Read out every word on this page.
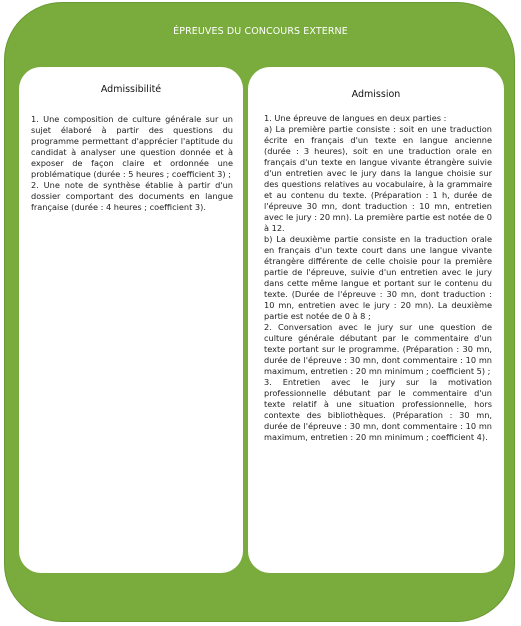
ÉPREUVES DU CONCOURS EXTERNE
Admissibilité

1. Une composition de culture générale sur un sujet élaboré à partir des questions du programme permettant d'apprécier l'aptitude du candidat à analyser une question donnée et à exposer de façon claire et ordonnée une problématique (durée : 5 heures ; coefficient 3) ;

2. Une note de synthèse établie à partir d'un dossier comportant des documents en langue française (durée : 4 heures ; coefficient 3).

Admission

1. Une épreuve de langues en deux parties :

a) La première partie consiste : soit en une traduction écrite en français d'un texte en langue ancienne (durée : 3 heures), soit en une traduction orale en français d'un texte en langue vivante étrangère suivie d'un entretien avec le jury dans la langue choisie sur des questions relatives au vocabulaire, à la grammaire et au contenu du texte. (Préparation : 1 h, durée de l'épreuve 30 mn, dont traduction : 10 mn, entretien avec le jury : 20 mn). La première partie est notée de 0 à 12.

b) La deuxième partie consiste en la traduction orale en français d'un texte court dans une langue vivante étrangère différente de celle choisie pour la première partie de l'épreuve, suivie d'un entretien avec le jury dans cette même langue et portant sur le contenu du texte. (Durée de l'épreuve : 30 mn, dont traduction : 10 mn, entretien avec le jury : 20 mn). La deuxième partie est notée de 0 à 8 ;

2. Conversation avec le jury sur une question de culture générale débutant par le commentaire d'un texte portant sur le programme. (Préparation : 30 mn, durée de l'épreuve : 30 mn, dont commentaire : 10 mn maximum, entretien : 20 mn minimum ; coefficient 5) ;

3. Entretien avec le jury sur la motivation professionnelle débutant par le commentaire d'un texte relatif à une situation professionnelle, hors contexte des bibliothèques. (Préparation : 30 mn, durée de l'épreuve : 30 mn, dont commentaire : 10 mn maximum, entretien : 20 mn minimum ; coefficient 4).
